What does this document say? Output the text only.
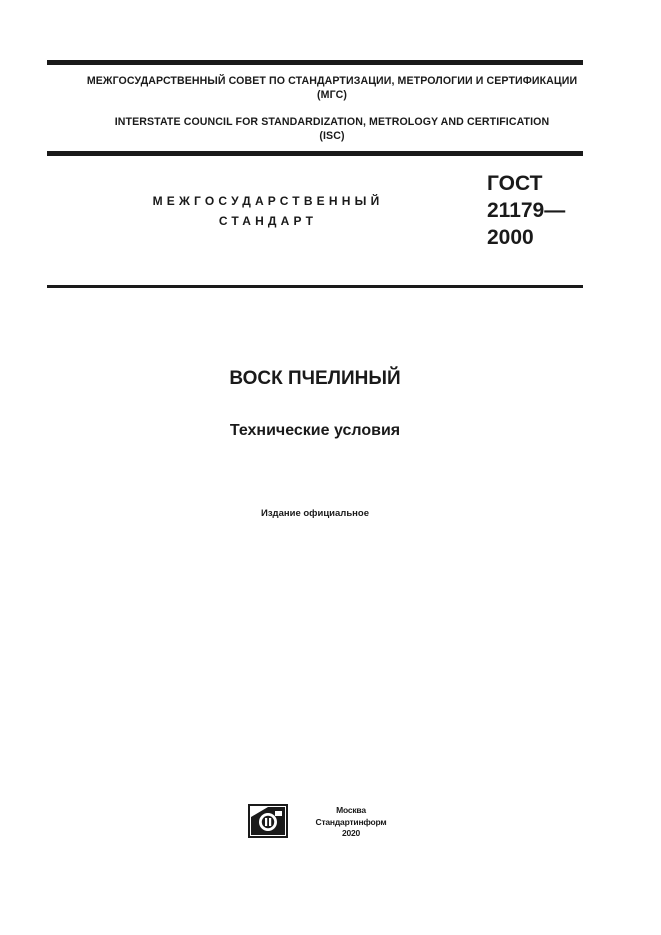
МЕЖГОСУДАРСТВЕННЫЙ СОВЕТ ПО СТАНДАРТИЗАЦИИ, МЕТРОЛОГИИ И СЕРТИФИКАЦИИ
(МГС)
INTERSTATE COUNCIL FOR STANDARDIZATION, METROLOGY AND CERTIFICATION
(ISC)
МЕЖГОСУДАРСТВЕННЫЙ
СТАНДАРТ
ГОСТ
21179—
2000
ВОСК ПЧЕЛИНЫЙ
Технические условия
Издание официальное
Москва
Стандартинформ
2020
